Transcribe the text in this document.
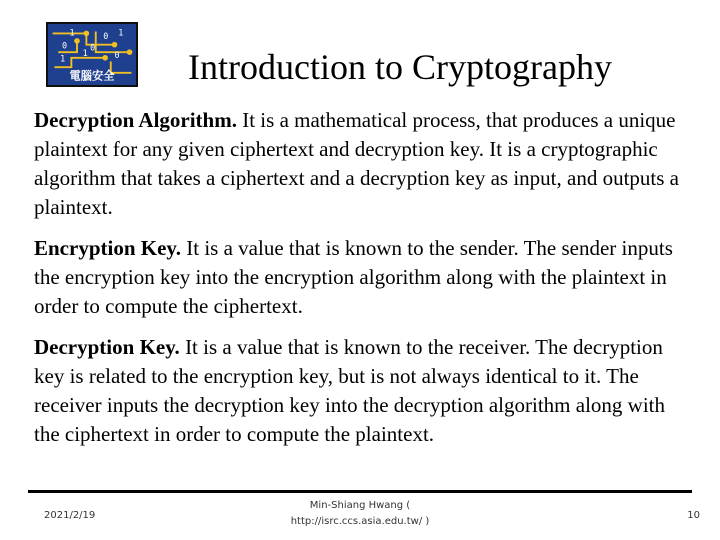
0
1	0 1
1
0
0
1
電腦安全	Introduction to Cryptography

Decryption Algorithm. It is a mathematical process, that produces a unique plaintext for any given ciphertext and decryption key. It is a cryptographic algorithm that takes a ciphertext and a decryption key as input, and outputs a plaintext.

Encryption Key. It is a value that is known to the sender. The sender inputs the encryption key into the encryption algorithm along with the plaintext in order to compute the ciphertext.

Decryption Key. It is a value that is known to the receiver. The decryption key is related to the encryption key, but is not always identical to it. The receiver inputs the decryption key into the decryption algorithm along with the ciphertext in order to compute the plaintext.

2021/2/19
Min-Shiang Hwang (
http://isrc.ccs.asia.edu.tw/ )
10
